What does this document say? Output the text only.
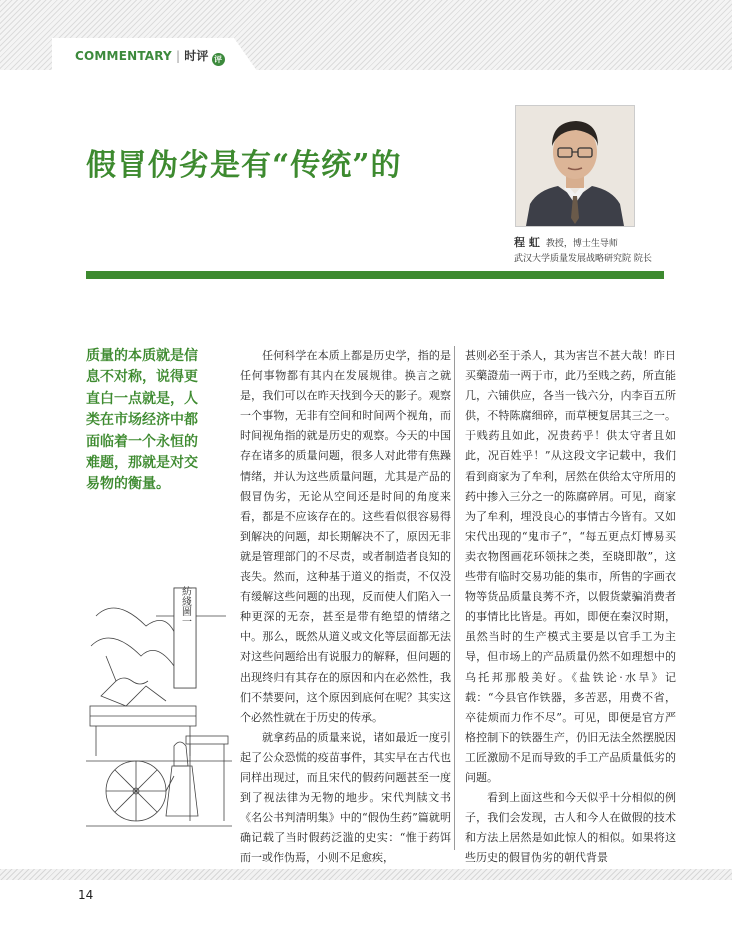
COMMENTARY | 时评 评
假冒伪劣是有“传统”的
程 虹 教授，博士生导师
武汉大学质量发展战略研究院 院长
质量的本质就是信息不对称，说得更直白一点就是，人类在市场经济中都面临着一个永恒的难题，那就是对交易物的衡量。
紡綫圖一

任何科学在本质上都是历史学，指的是任何事物都有其内在发展规律。换言之就是，我们可以在昨天找到今天的影子。观察一个事物，无非有空间和时间两个视角，而时间视角指的就是历史的观察。今天的中国存在诸多的质量问题，很多人对此带有焦躁情绪，并认为这些质量问题，尤其是产品的假冒伪劣，无论从空间还是时间的角度来看，都是不应该存在的。这些看似很容易得到解决的问题，却长期解决不了，原因无非就是管理部门的不尽责，或者制造者良知的丧失。然而，这种基于道义的指责，不仅没有缓解这些问题的出现，反而使人们陷入一种更深的无奈，甚至是带有绝望的情绪之中。那么，既然从道义或文化等层面都无法对这些问题给出有说服力的解释，但问题的出现终归有其存在的原因和内在必然性，我们不禁要问，这个原因到底何在呢？其实这个必然性就在于历史的传承。

就拿药品的质量来说，诸如最近一度引起了公众恐慌的疫苗事件，其实早在古代也同样出现过，而且宋代的假药问题甚至一度到了视法律为无物的地步。宋代判牍文书《名公书判清明集》中的“假伪生药”篇就明确记载了当时假药泛滥的史实：“惟于药饵而一或作伪焉，小则不足愈疾，

甚则必至于杀人，其为害岂不甚大哉！昨日买藥證茄一两于市，此乃至贱之药，所直能几，六铺供应，各当一钱六分，内李百五所供，不特陈腐细碎，而草梗复居其三之一。于贱药且如此，况贵药乎！供太守者且如此，况百姓乎！”从这段文字记载中，我们看到商家为了牟利，居然在供给太守所用的药中掺入三分之一的陈腐碎屑。可见，商家为了牟利，埋没良心的事情古今皆有。又如宋代出现的“鬼市子”，“每五更点灯博易买卖衣物图画花环领抹之类，至晓即散”，这些带有临时交易功能的集市，所售的字画衣物等货品质量良莠不齐，以假货蒙骗消费者的事情比比皆是。再如，即便在秦汉时期，虽然当时的生产模式主要是以官手工为主导，但市场上的产品质量仍然不如理想中的乌托邦那般美好。《盐铁论·水旱》记载：“今县官作铁器，多苦恶，用费不省，卒徒烦而力作不尽”。可见，即便是官方严格控制下的铁器生产，仍旧无法全然摆脱因工匠激励不足而导致的手工产品质量低劣的问题。

看到上面这些和今天似乎十分相似的例子，我们会发现，古人和今人在做假的技术和方法上居然是如此惊人的相似。如果将这些历史的假冒伪劣的朝代背景

14
